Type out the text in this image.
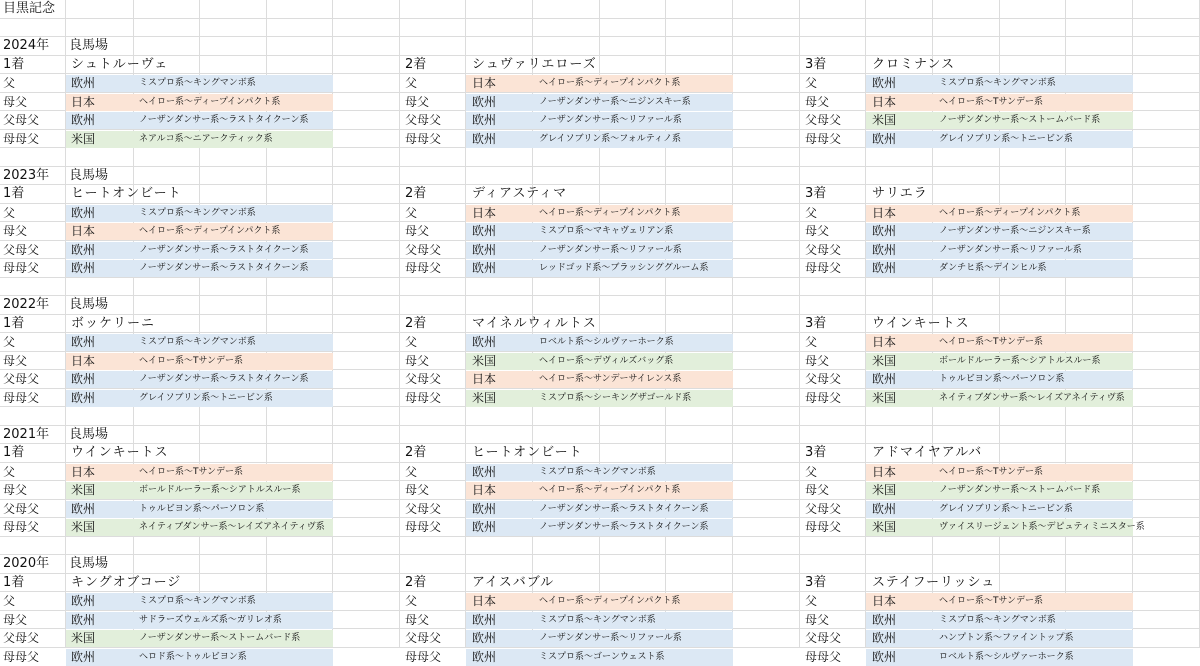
目黒記念
2024年 良馬場
1着	シュトルーヴェ
父	欧州	ミスプロ系～キングマンボ系
母父	日本	ヘイロー系～ディープインパクト系
父母父	欧州	ノーザンダンサー系～ラストタイクーン系
母母父	米国	ネアルコ系～ニアークティック系
2着	シュヴァリエローズ
父	日本	ヘイロー系～ディープインパクト系
母父	欧州	ノーザンダンサー系～ニジンスキー系
父母父	欧州	ノーザンダンサー系～リファール系
母母父	欧州	グレイソブリン系～フォルティノ系
3着	クロミナンス
父	欧州	ミスプロ系～キングマンボ系
母父	日本	ヘイロー系～Tサンデー系
父母父	米国	ノーザンダンサー系～ストームバード系
母母父	欧州	グレイソブリン系～トニービン系
2023年 良馬場
1着	ヒートオンビート
父	欧州	ミスプロ系～キングマンボ系
母父	日本	ヘイロー系～ディープインパクト系
父母父	欧州	ノーザンダンサー系～ラストタイクーン系
母母父	欧州	ノーザンダンサー系～ラストタイクーン系
2着	ディアスティマ
父	日本	ヘイロー系～ディープインパクト系
母父	欧州	ミスプロ系～マキャヴェリアン系
父母父	欧州	ノーザンダンサー系～リファール系
母母父	欧州	レッドゴッド系～ブラッシンググルーム系
3着	サリエラ
父	日本	ヘイロー系～ディープインパクト系
母父	欧州	ノーザンダンサー系～ニジンスキー系
父母父	欧州	ノーザンダンサー系～リファール系
母母父	欧州	ダンチヒ系～デインヒル系
2022年 良馬場
1着	ボッケリーニ
父	欧州	ミスプロ系～キングマンボ系
母父	日本	ヘイロー系～Tサンデー系
父母父	欧州	ノーザンダンサー系～ラストタイクーン系
母母父	欧州	グレイソブリン系～トニービン系
2着	マイネルウィルトス
父	欧州	ロベルト系～シルヴァーホーク系
母父	米国	ヘイロー系～デヴィルズバッグ系
父母父	日本	ヘイロー系～サンデーサイレンス系
母母父	米国	ミスプロ系～シーキングザゴールド系
3着	ウインキートス
父	日本	ヘイロー系～Tサンデー系
母父	米国	ボールドルーラー系～シアトルスルー系
父母父	欧州	トゥルビヨン系～パーソロン系
母母父	米国	ネイティブダンサー系～レイズアネイティヴ系
2021年 良馬場
1着	ウインキートス
父	日本	ヘイロー系～Tサンデー系
母父	米国	ボールドルーラー系～シアトルスルー系
父母父	欧州	トゥルビヨン系～パーソロン系
母母父	米国	ネイティブダンサー系～レイズアネイティヴ系
2着	ヒートオンビート
父	欧州	ミスプロ系～キングマンボ系
母父	日本	ヘイロー系～ディープインパクト系
父母父	欧州	ノーザンダンサー系～ラストタイクーン系
母母父	欧州	ノーザンダンサー系～ラストタイクーン系
3着	アドマイヤアルバ
父	日本	ヘイロー系～Tサンデー系
母父	米国	ノーザンダンサー系～ストームバード系
父母父	欧州	グレイソブリン系～トニービン系
母母父	米国	ヴァイスリージェント系～デピュティミニスター系
2020年 良馬場
1着	キングオブコージ
父	欧州	ミスプロ系～キングマンボ系
母父	欧州	サドラーズウェルズ系～ガリレオ系
父母父	米国	ノーザンダンサー系～ストームバード系
母母父	欧州	ヘロド系～トゥルビヨン系
2着	アイスバブル
父	日本	ヘイロー系～ディープインパクト系
母父	欧州	ミスプロ系～キングマンボ系
父母父	欧州	ノーザンダンサー系～リファール系
母母父	欧州	ミスプロ系～ゴーンウェスト系
3着	ステイフーリッシュ
父	日本	ヘイロー系～Tサンデー系
母父	欧州	ミスプロ系～キングマンボ系
父母父	欧州	ハンプトン系～ファイントップ系
母母父	欧州	ロベルト系～シルヴァーホーク系
